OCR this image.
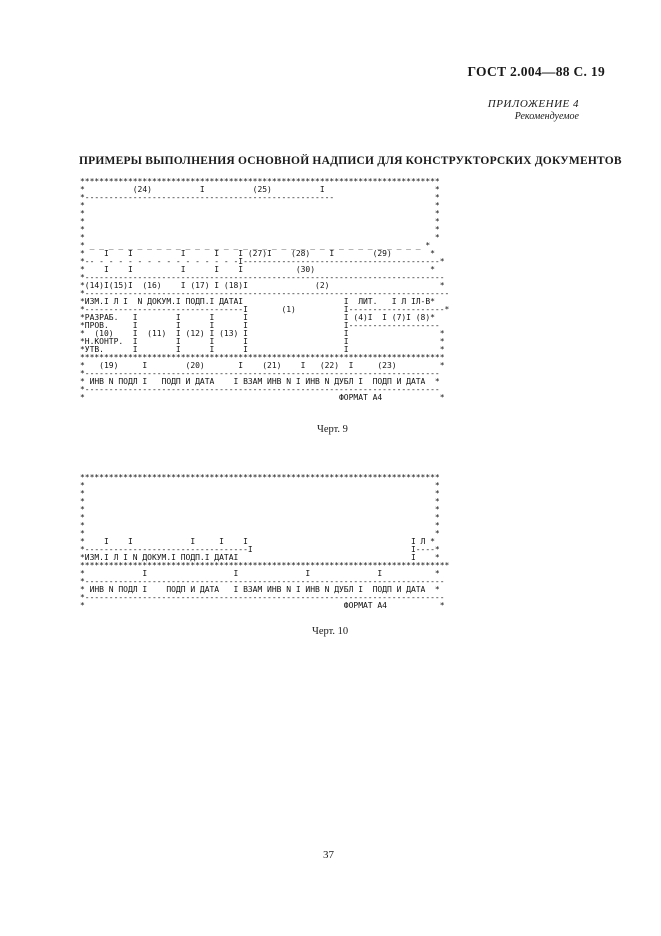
ГОСТ 2.004—88 С. 19
ПРИЛОЖЕНИЕ 4
Рекомендуемое
ПРИМЕРЫ ВЫПОЛНЕНИЯ ОСНОВНОЙ НАДПИСИ ДЛЯ КОНСТРУКТОРСКИХ ДОКУМЕНТОВ
***************************************************************************
*          (24)          I          (25)          I                       *
*----------------------------------------------------                     *
*                                                                         *
*                                                                         *
*                                                                         *
*                                                                         *
*                                                                         *
* _ _ _ _ _ _ _ _ _ _ _ _ _ _ _ _ _ _ _ _ _ _ _ _ _ _ _ _ _ _ _ _ _ _ _ *
*    I    I          I      I    I (27)I    (28)    I        (29)        *
*-- - - - - - - - - - - - - - - -I-----------------------------------------*
*    I    I          I      I    I           (30)                        *
*---------------------------------------------------------------------------
*(14)I(15)I  (16)    I (17) I (18)I              (2)                       *
*----------------------------------------------------------------------------
*ИЗМ.I Л I  N ДОКУМ.I ПОДП.I ДАТАI                     I  ЛИТ.   I Л IЛ-В*
*---------------------------------I       (1)          I--------------------*
*РАЗРАБ.   I        I      I      I                    I (4)I  I (7)I (8)*
*ПРОВ.     I        I      I      I                    I-------------------
*  (10)    I  (11)  I (12) I (13) I                    I                   *
*Н.КОНТР.  I        I      I      I                    I                   *
*УТВ.      I        I      I      I                    I                   *
****************************************************************************
*   (19)     I        (20)       I    (21)    I   (22)  I     (23)         *
*--------------------------------------------------------------------------
* ИНВ N ПОДЛ I   ПОДП И ДАТА    I ВЗАМ ИНВ N I ИНВ N ДУБЛ I  ПОДП И ДАТА  *
*--------------------------------------------------------------------------
*                                                     ФОРМАТ А4            *
Черт. 9
***************************************************************************
*                                                                         *
*                                                                         *
*                                                                         *
*                                                                         *
*                                                                         *
*                                                                         *
*                                                                         *
*    I    I            I     I    I                                  I Л *
*----------------------------------I                                 I----*
*ИЗМ.I Л I N ДОКУМ.I ПОДП.I ДАТАI                                    I    *
*****************************************************************************
*            I                  I              I              I           *
*---------------------------------------------------------------------------
* ИНВ N ПОДЛ I    ПОДП И ДАТА   I ВЗАМ ИНВ N I ИНВ N ДУБЛ I  ПОДП И ДАТА  *
*---------------------------------------------------------------------------
*                                                      ФОРМАТ А4           *
Черт. 10
37
